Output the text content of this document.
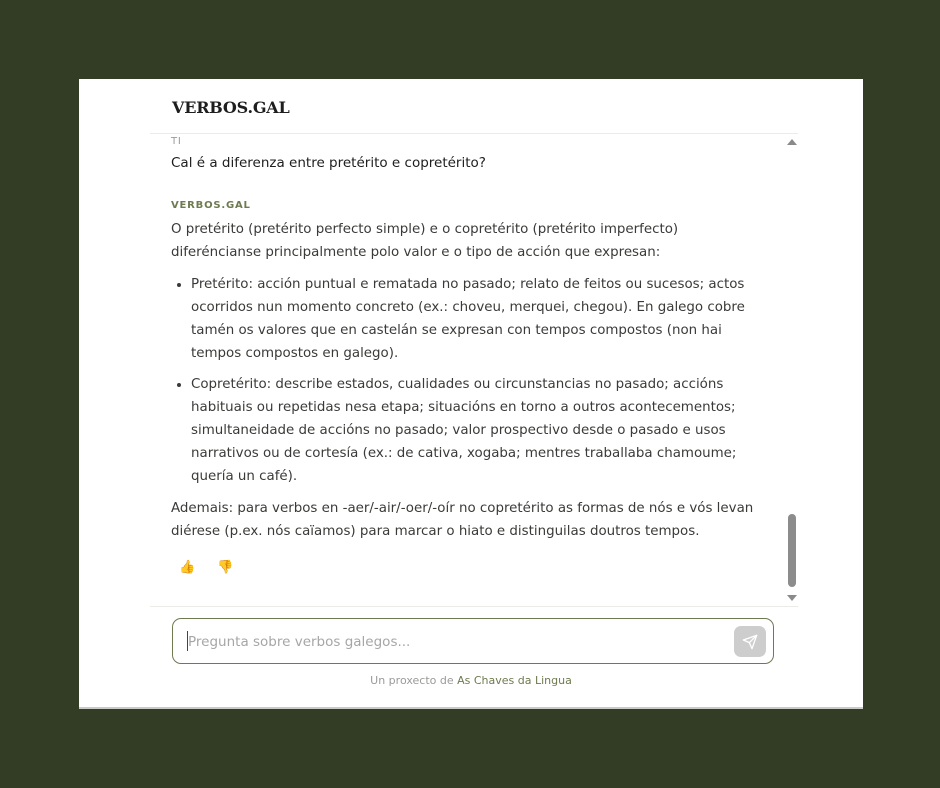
VERBOS.GAL
TI
Cal é a diferenza entre pretérito e copretérito?
VERBOS.GAL

O pretérito (pretérito perfecto simple) e o copretérito (pretérito imperfecto) diferéncianse principalmente polo valor e o tipo de acción que expresan:

• Pretérito: acción puntual e rematada no pasado; relato de feitos ou sucesos; actos ocorridos nun momento concreto (ex.: choveu, merquei, chegou). En galego cobre tamén os valores que en castelán se expresan con tempos compostos (non hai tempos compostos en galego).
• Copretérito: describe estados, cualidades ou circunstancias no pasado; accións habituais ou repetidas nesa etapa; situacións en torno a outros acontecementos; simultaneidade de accións no pasado; valor prospectivo desde o pasado e usos narrativos ou de cortesía (ex.: de cativa, xogaba; mentres traballaba chamoume; quería un café).

Ademais: para verbos en -aer/-air/-oer/-oír no copretérito as formas de nós e vós levan diérese (p.ex. nós caïamos) para marcar o hiato e distinguilas doutros tempos.

👍 👎
Pregunta sobre verbos galegos...
Un proxecto de As Chaves da Lingua
